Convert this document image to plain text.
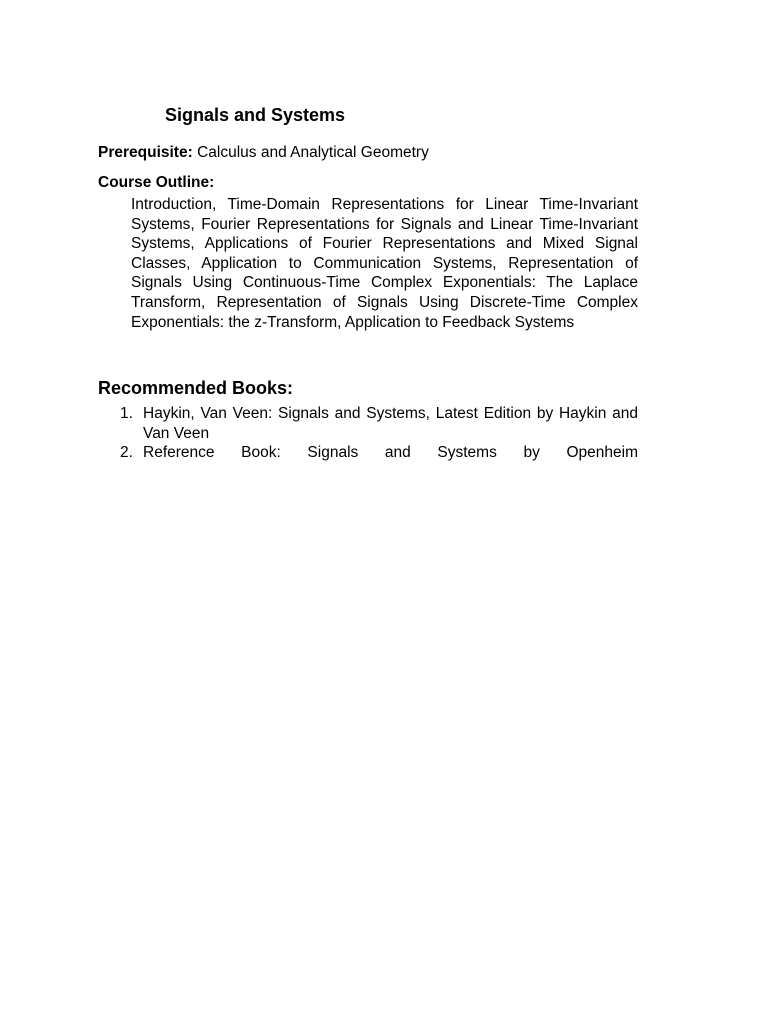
Signals and Systems
Prerequisite: Calculus and Analytical Geometry
Course Outline:

Introduction, Time-Domain Representations for Linear Time-Invariant Systems, Fourier Representations for Signals and Linear Time-Invariant Systems, Applications of Fourier Representations and Mixed Signal Classes, Application to Communication Systems, Representation of Signals Using Continuous-Time Complex Exponentials: The Laplace Transform, Representation of Signals Using Discrete-Time Complex Exponentials: the z-Transform, Application to Feedback Systems

Recommended Books:
1. Haykin, Van Veen: Signals and Systems, Latest Edition by Haykin and Van Veen
2. Reference Book: Signals and Systems by Openheim
